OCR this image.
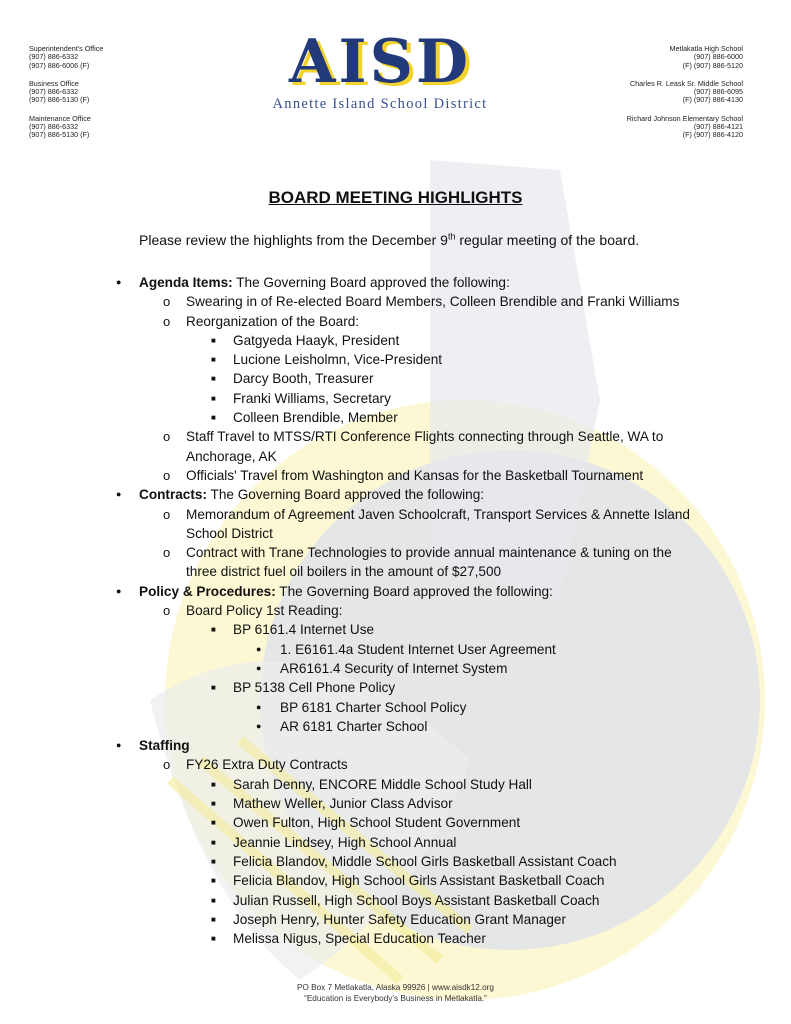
Superintendent's Office
(907) 886-6332
(907) 886-6006 (F)
Business Office
(907) 886-6332
(907) 886-5130 (F)
Maintenance Office
(907) 886-6332
(907) 886-5130 (F)
Metlakatla High School
(907) 886-6000
(F) (907) 886-5120
Charles R. Leask Sr. Middle School
(907) 886-6095
(F) (907) 886-4130
Richard Johnson Elementary School
(907) 886-4121
(F) (907) 886-4120
AISD
Annette Island School District
BOARD MEETING HIGHLIGHTS
Please review the highlights from the December 9th regular meeting of the board.
● Agenda Items: The Governing Board approved the following:
o Swearing in of Re-elected Board Members, Colleen Brendible and Franki Williams
o Reorganization of the Board:
■ Gatgyeda Haayk, President
■ Lucione Leisholmn, Vice-President
■ Darcy Booth, Treasurer
■ Franki Williams, Secretary
■ Colleen Brendible, Member
o Staff Travel to MTSS/RTI Conference Flights connecting through Seattle, WA to Anchorage, AK
o Officials' Travel from Washington and Kansas for the Basketball Tournament
● Contracts: The Governing Board approved the following:
o Memorandum of Agreement Javen Schoolcraft, Transport Services & Annette Island School District
o Contract with Trane Technologies to provide annual maintenance & tuning on the three district fuel oil boilers in the amount of $27,500
● Policy & Procedures: The Governing Board approved the following:
o Board Policy 1st Reading:
■ BP 6161.4 Internet Use
● 1. E6161.4a Student Internet User Agreement
● AR6161.4 Security of Internet System
■ BP 5138 Cell Phone Policy
● BP 6181 Charter School Policy
● AR 6181 Charter School
● Staffing
o FY26 Extra Duty Contracts
■ Sarah Denny, ENCORE Middle School Study Hall
■ Mathew Weller, Junior Class Advisor
■ Owen Fulton, High School Student Government
■ Jeannie Lindsey, High School Annual
■ Felicia Blandov, Middle School Girls Basketball Assistant Coach
■ Felicia Blandov, High School Girls Assistant Basketball Coach
■ Julian Russell, High School Boys Assistant Basketball Coach
■ Joseph Henry, Hunter Safety Education Grant Manager
■ Melissa Nigus, Special Education Teacher
PO Box 7 Metlakatla, Alaska 99926 | www.aisdk12.org
“Education is Everybody’s Business in Metlakatla.”
